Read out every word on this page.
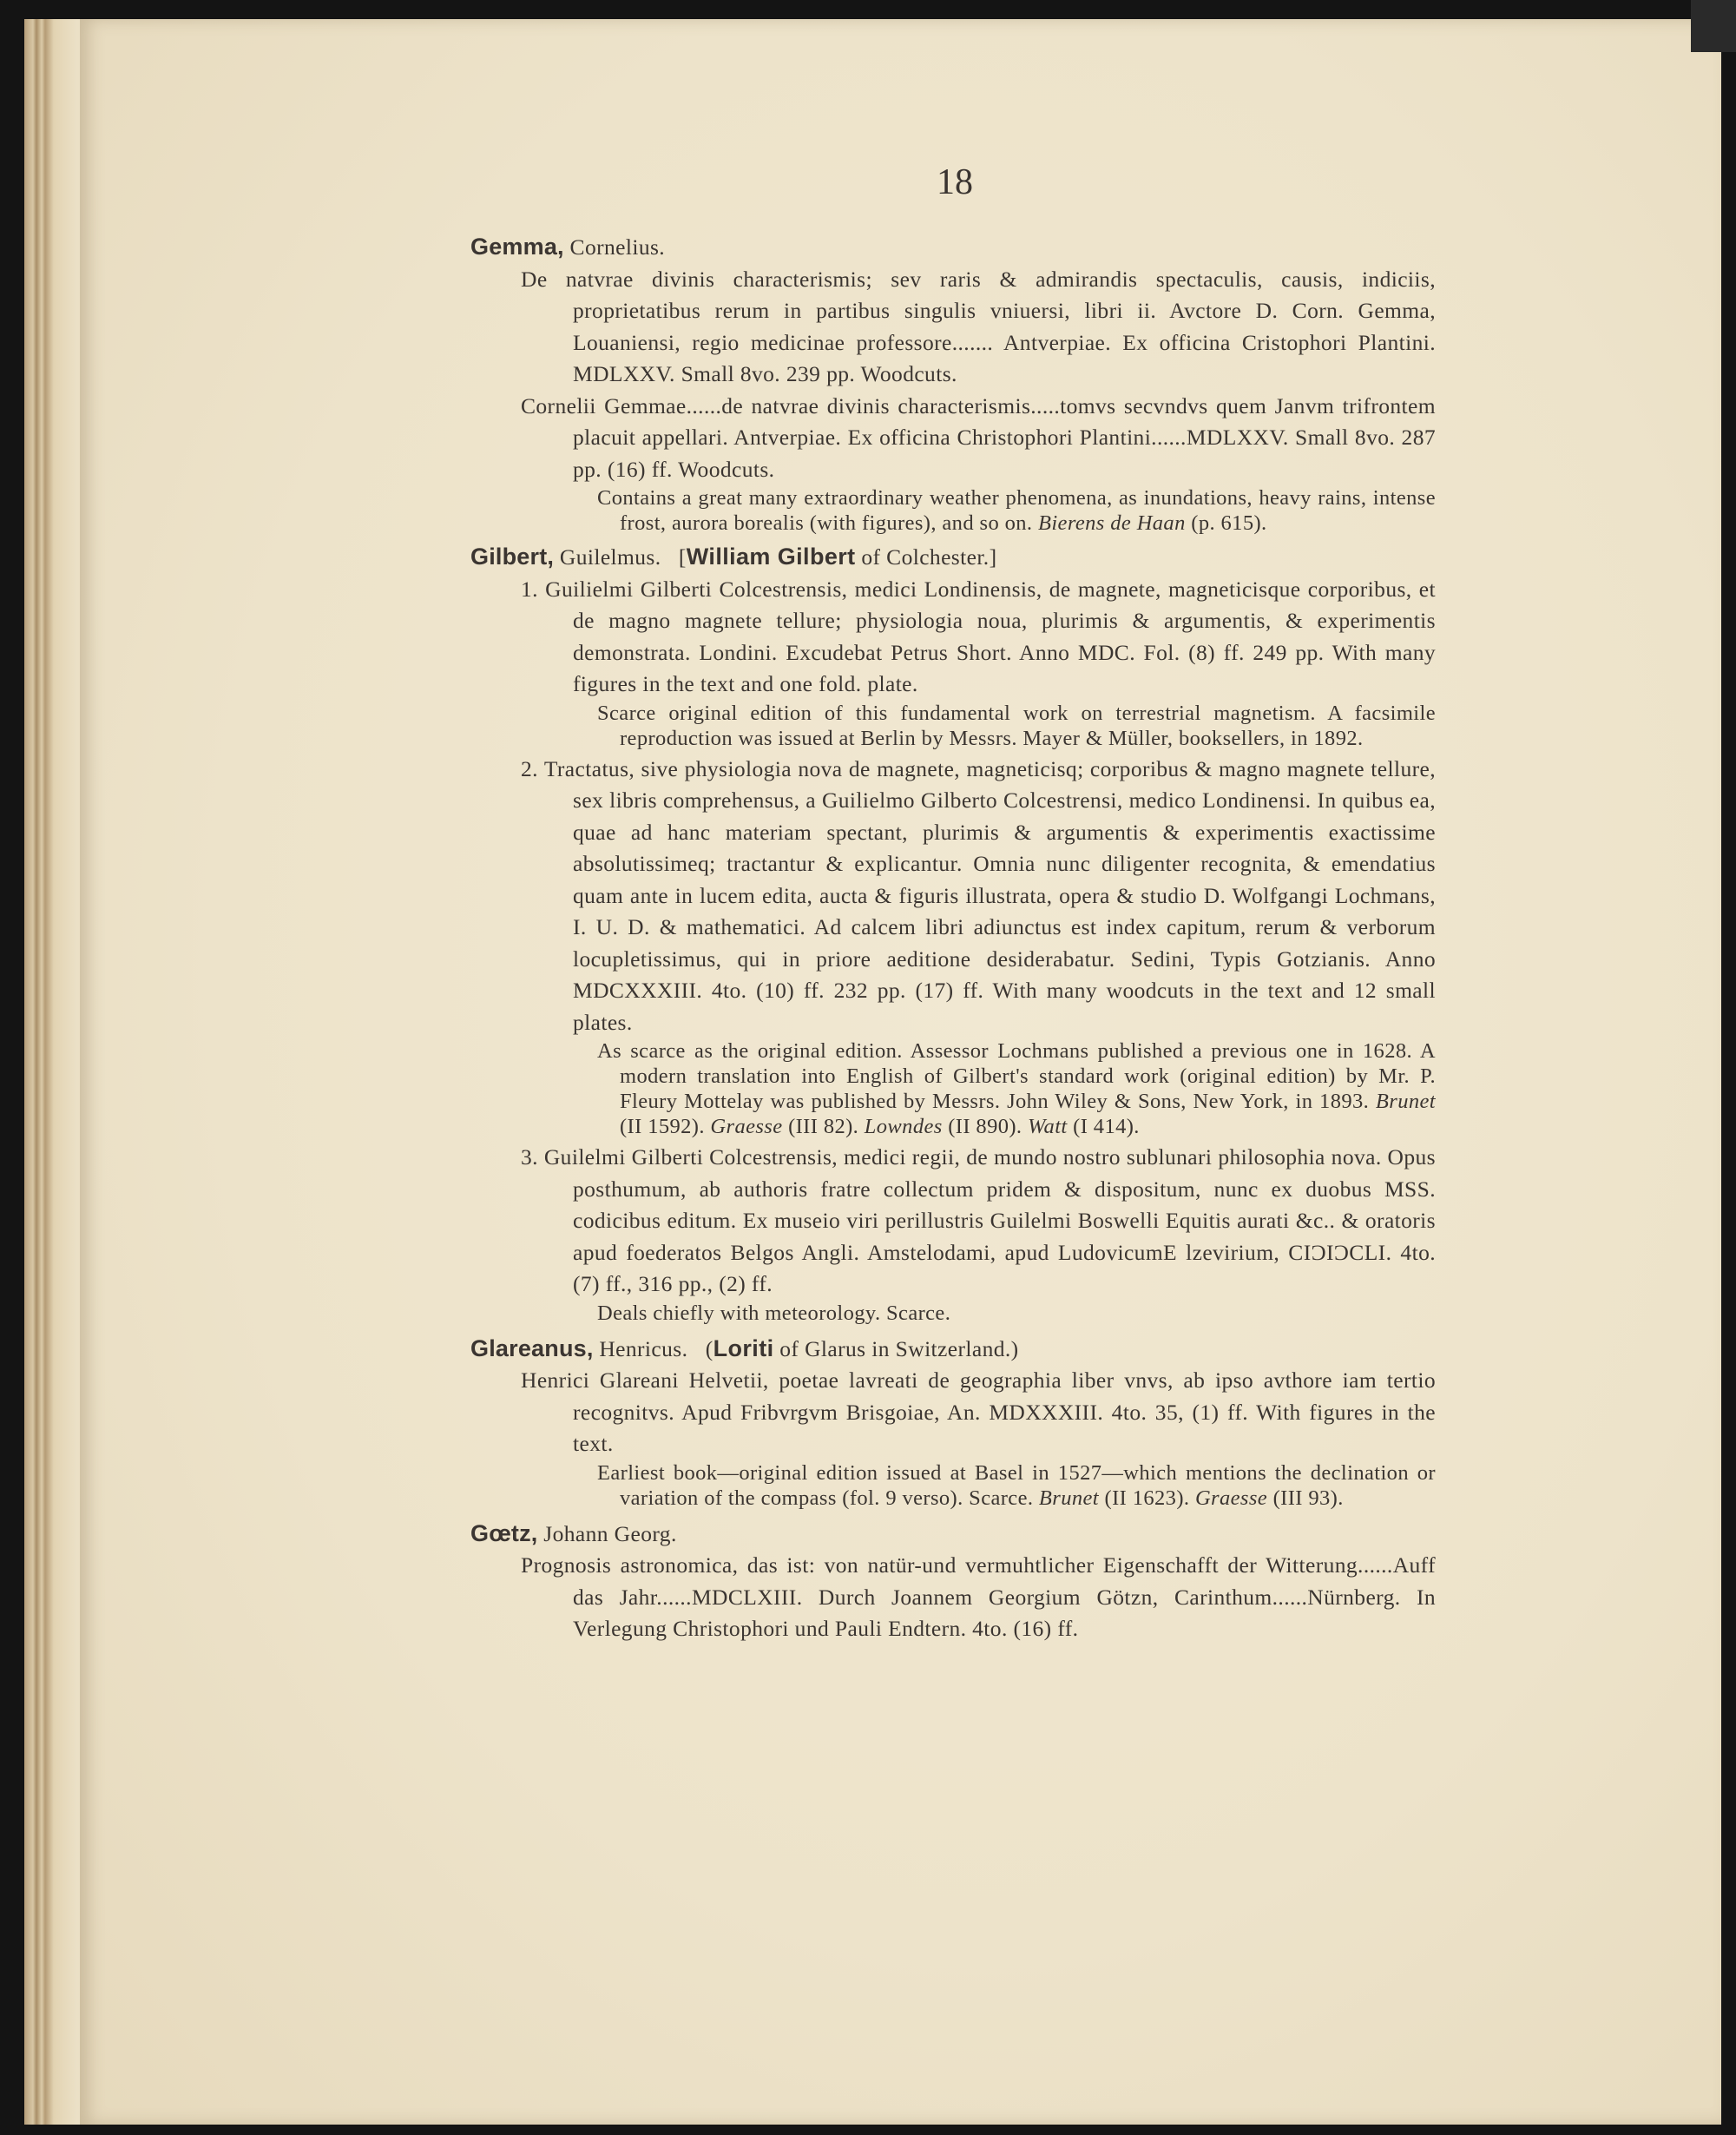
18

Gemma, Cornelius.

De natvrae divinis characterismis; sev raris & admirandis spectaculis, causis, indiciis, proprietatibus rerum in partibus singulis vniuersi, libri ii. Avctore D. Corn. Gemma, Louaniensi, regio medicinae professore....... Antverpiae. Ex officina Cristophori Plantini. MDLXXV. Small 8vo. 239 pp. Woodcuts.

Cornelii Gemmae......de natvrae divinis characterismis.....tomvs secvndvs quem Janvm trifrontem placuit appellari. Antverpiae. Ex officina Christophori Plantini......MDLXXV. Small 8vo. 287 pp. (16) ff. Woodcuts.

Contains a great many extraordinary weather phenomena, as inundations, heavy rains, intense frost, aurora borealis (with figures), and so on. Bierens de Haan (p. 615).

Gilbert, Guilelmus. [William Gilbert of Colchester.]

1. Guilielmi Gilberti Colcestrensis, medici Londinensis, de magnete, magneticisque corporibus, et de magno magnete tellure; physiologia noua, plurimis & argumentis, & experimentis demonstrata. Londini. Excudebat Petrus Short. Anno MDC. Fol. (8) ff. 249 pp. With many figures in the text and one fold. plate.

Scarce original edition of this fundamental work on terrestrial magnetism. A facsimile reproduction was issued at Berlin by Messrs. Mayer & Müller, booksellers, in 1892.

2. Tractatus, sive physiologia nova de magnete, magneticisq; corporibus & magno magnete tellure, sex libris comprehensus, a Guilielmo Gilberto Colcestrensi, medico Londinensi. In quibus ea, quae ad hanc materiam spectant, plurimis & argumentis & experimentis exactissime absolutissimeq; tractantur & explicantur. Omnia nunc diligenter recognita, & emendatius quam ante in lucem edita, aucta & figuris illustrata, opera & studio D. Wolfgangi Lochmans, I. U. D. & mathematici. Ad calcem libri adiunctus est index capitum, rerum & verborum locupletissimus, qui in priore aeditione desiderabatur. Sedini, Typis Gotzianis. Anno MDCXXXIII. 4to. (10) ff. 232 pp. (17) ff. With many woodcuts in the text and 12 small plates.

As scarce as the original edition. Assessor Lochmans published a previous one in 1628. A modern translation into English of Gilbert's standard work (original edition) by Mr. P. Fleury Mottelay was published by Messrs. John Wiley & Sons, New York, in 1893. Brunet (II 1592). Graesse (III 82). Lowndes (II 890). Watt (I 414).

3. Guilelmi Gilberti Colcestrensis, medici regii, de mundo nostro sublunari philosophia nova. Opus posthumum, ab authoris fratre collectum pridem & dispositum, nunc ex duobus MSS. codicibus editum. Ex museio viri perillustris Guilelmi Boswelli Equitis aurati &c.. & oratoris apud foederatos Belgos Angli. Amstelodami, apud LudovicumE lzevirium, CIƆIƆCLI. 4to. (7) ff., 316 pp., (2) ff.

Deals chiefly with meteorology. Scarce.

Glareanus, Henricus. (Loriti of Glarus in Switzerland.)

Henrici Glareani Helvetii, poetae lavreati de geographia liber vnvs, ab ipso avthore iam tertio recognitvs. Apud Fribvrgvm Brisgoiae, An. MDXXXIII. 4to. 35, (1) ff. With figures in the text.

Earliest book—original edition issued at Basel in 1527—which mentions the declination or variation of the compass (fol. 9 verso). Scarce. Brunet (II 1623). Graesse (III 93).

Gœtz, Johann Georg.

Prognosis astronomica, das ist: von natür-und vermuhtlicher Eigenschafft der Witterung......Auff das Jahr......MDCLXIII. Durch Joannem Georgium Götzn, Carinthum......Nürnberg. In Verlegung Christophori und Pauli Endtern. 4to. (16) ff.
